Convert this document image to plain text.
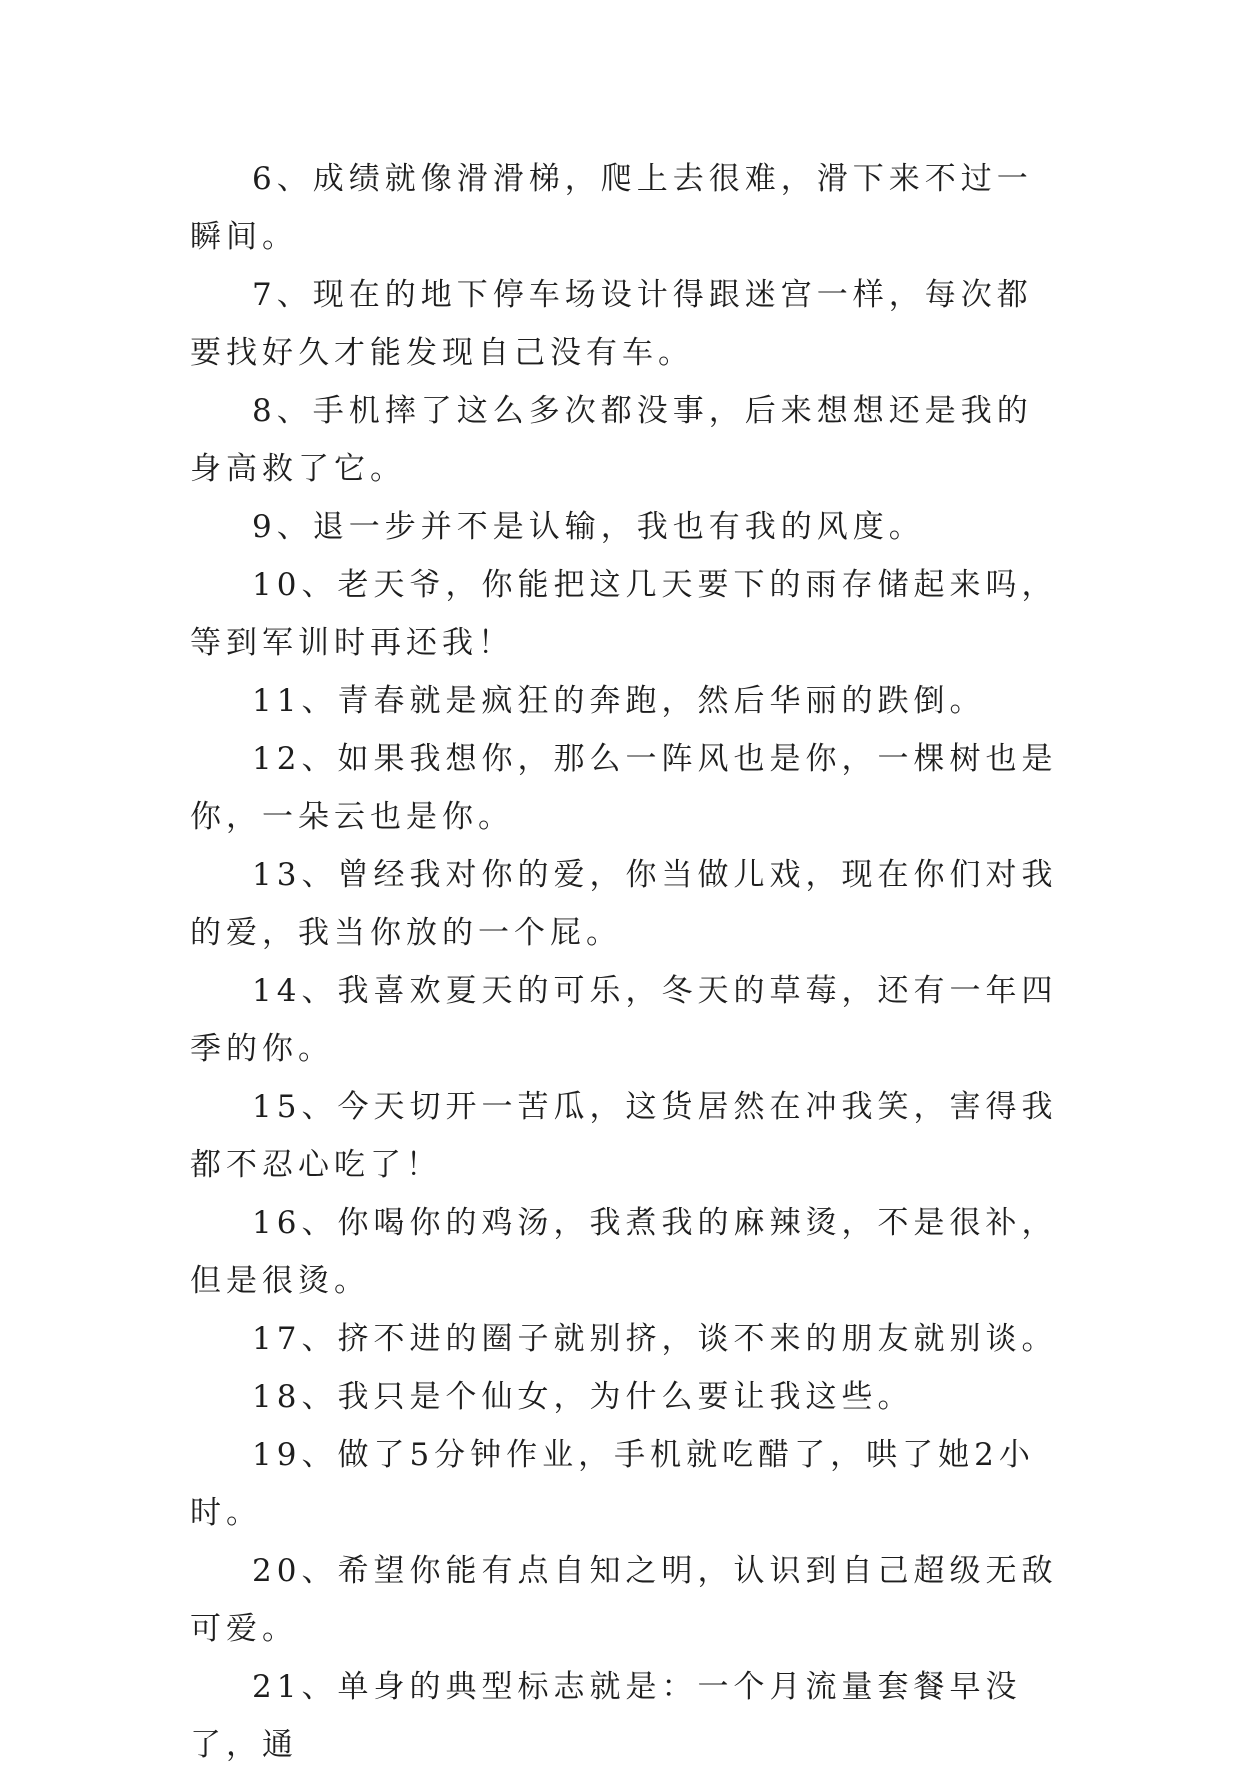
6、成绩就像滑滑梯，爬上去很难，滑下来不过一瞬间。

7、现在的地下停车场设计得跟迷宫一样，每次都要找好久才能发现自己没有车。

8、手机摔了这么多次都没事，后来想想还是我的身高救了它。

9、退一步并不是认输，我也有我的风度。

10、老天爷，你能把这几天要下的雨存储起来吗，等到军训时再还我！

11、青春就是疯狂的奔跑，然后华丽的跌倒。

12、如果我想你，那么一阵风也是你，一棵树也是你，一朵云也是你。

13、曾经我对你的爱，你当做儿戏，现在你们对我的爱，我当你放的一个屁。

14、我喜欢夏天的可乐，冬天的草莓，还有一年四季的你。

15、今天切开一苦瓜，这货居然在冲我笑，害得我都不忍心吃了！

16、你喝你的鸡汤，我煮我的麻辣烫，不是很补，但是很烫。

17、挤不进的圈子就别挤，谈不来的朋友就别谈。

18、我只是个仙女，为什么要让我这些。

19、做了5分钟作业，手机就吃醋了，哄了她2小时。

20、希望你能有点自知之明，认识到自己超级无敌可爱。

21、单身的典型标志就是：一个月流量套餐早没了，通
